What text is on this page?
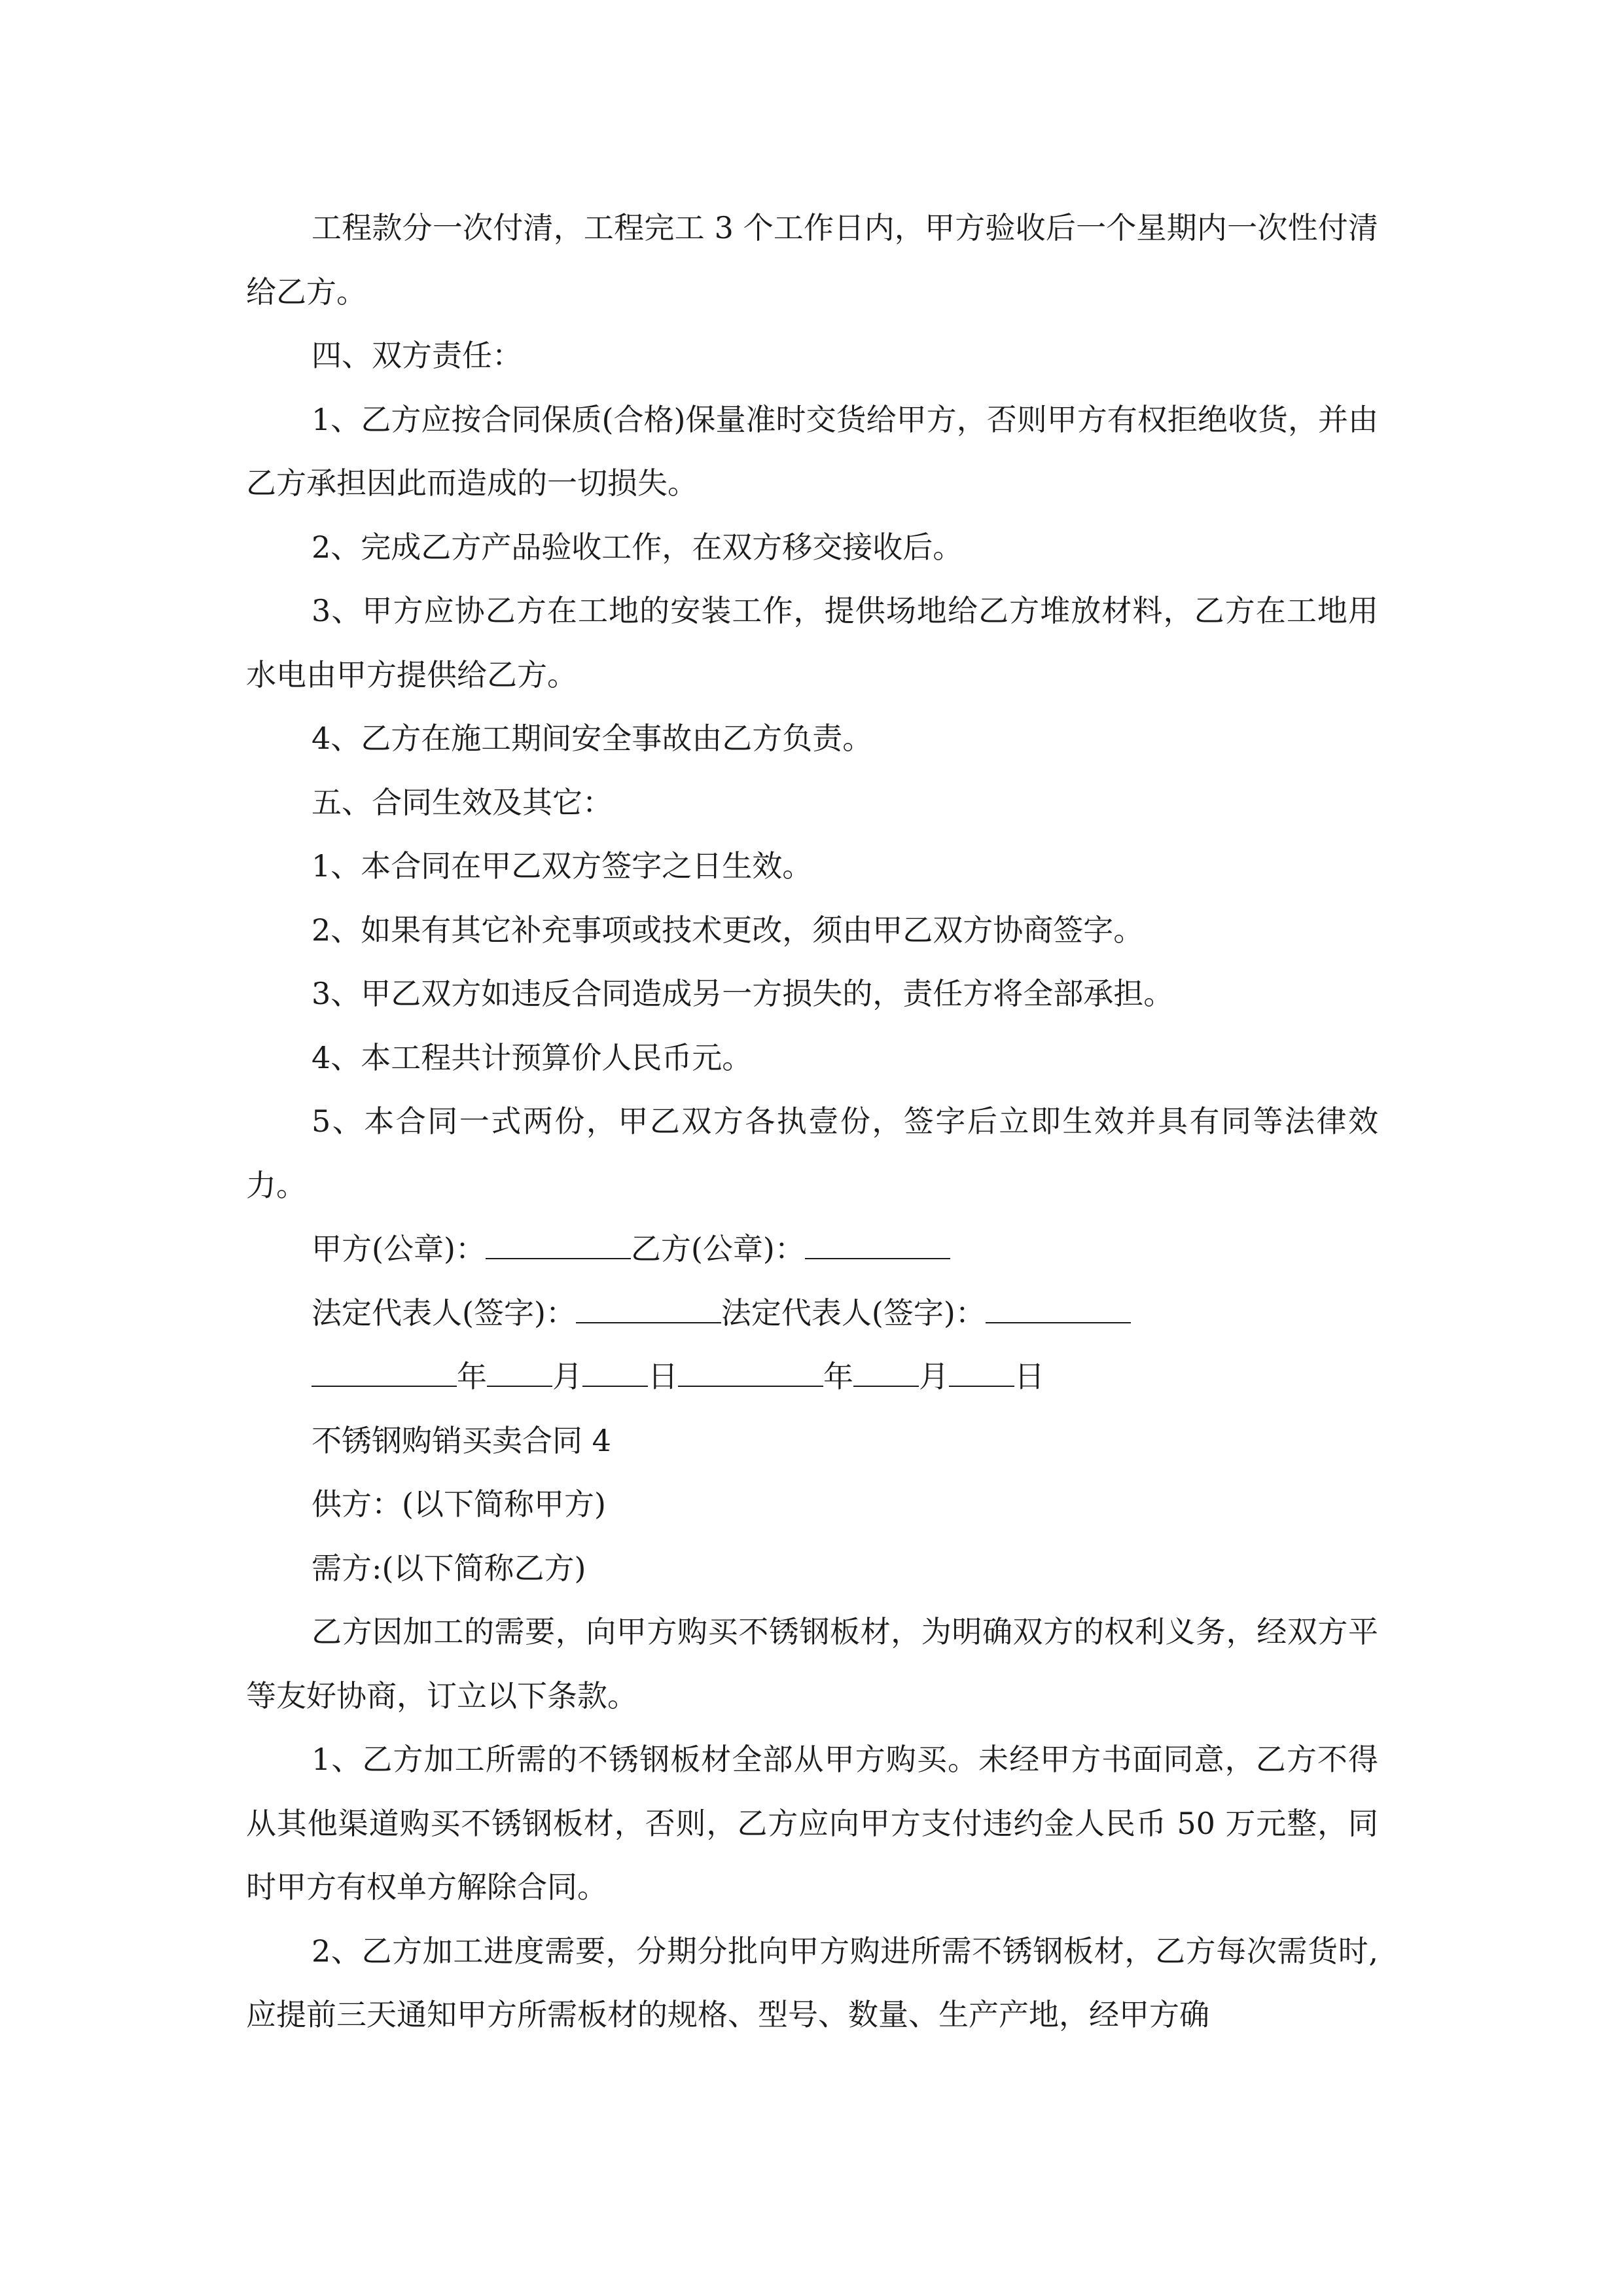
工程款分一次付清，工程完工 3 个工作日内，甲方验收后一个星期内一次性付清给乙方。

四、双方责任：

1、乙方应按合同保质(合格)保量准时交货给甲方，否则甲方有权拒绝收货，并由乙方承担因此而造成的一切损失。

2、完成乙方产品验收工作，在双方移交接收后。

3、甲方应协乙方在工地的安装工作，提供场地给乙方堆放材料，乙方在工地用水电由甲方提供给乙方。

4、乙方在施工期间安全事故由乙方负责。

五、合同生效及其它：

1、本合同在甲乙双方签字之日生效。

2、如果有其它补充事项或技术更改，须由甲乙双方协商签字。

3、甲乙双方如违反合同造成另一方损失的，责任方将全部承担。

4、本工程共计预算价人民币元。

5、本合同一式两份，甲乙双方各执壹份，签字后立即生效并具有同等法律效力。

甲方(公章)：	乙方(公章)：

法定代表人(签字)：	法定代表人(签字)：

年 月 日	年 月 日

不锈钢购销买卖合同 4

供方：(以下简称甲方)

需方:(以下简称乙方)

乙方因加工的需要，向甲方购买不锈钢板材，为明确双方的权利义务，经双方平等友好协商，订立以下条款。

1、乙方加工所需的不锈钢板材全部从甲方购买。未经甲方书面同意，乙方不得从其他渠道购买不锈钢板材，否则，乙方应向甲方支付违约金人民币 50 万元整，同时甲方有权单方解除合同。

2、乙方加工进度需要，分期分批向甲方购进所需不锈钢板材，乙方每次需货时,应提前三天通知甲方所需板材的规格、型号、数量、生产产地，经甲方确
